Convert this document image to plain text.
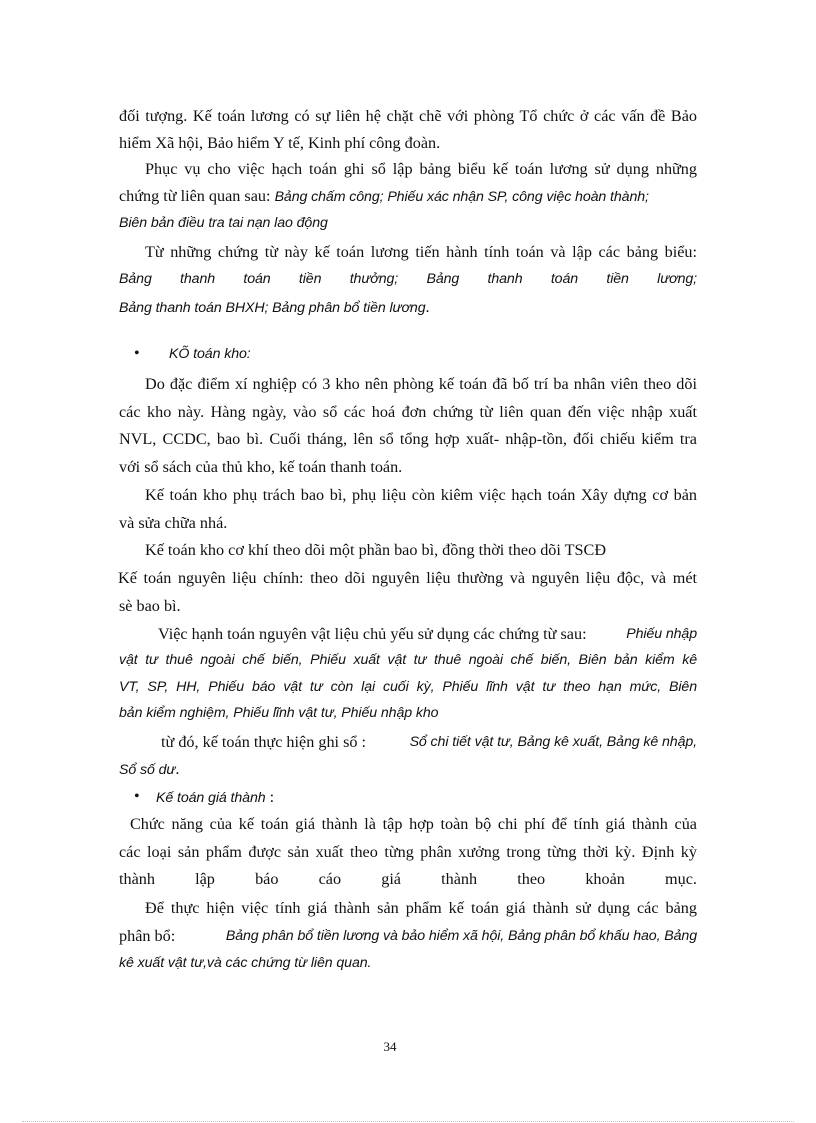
đối tượng. Kế toán lương có sự liên hệ chặt chẽ với phòng Tổ chức ở các vấn đề Bảo
hiểm Xã hội, Bảo hiểm Y tế, Kinh phí công đoàn.
Phục vụ cho việc hạch toán ghi sổ lập bảng biểu kế toán lương sử dụng những
chứng từ liên quan sau: Bảng chấm công; Phiếu xác nhận SP, công việc hoàn thành;
Biên bản điều tra tai nạn lao động
Từ những chứng từ này kế toán lương tiến hành tính toán và lập các bảng biểu:
Bảng thanh toán tiền thưởng; Bảng thanh toán tiền lương;
Bảng thanh toán BHXH; Bảng phân bổ tiền lương.
• KÕ toán kho:
Do đặc điểm xí nghiệp có 3 kho nên phòng kế toán đã bố trí ba nhân viên theo dõi
các kho này. Hàng ngày, vào sổ các hoá đơn chứng từ liên quan đến việc nhập xuất
NVL, CCDC, bao bì. Cuối tháng, lên sổ tổng hợp xuất- nhập-tồn, đối chiếu kiểm tra
với sổ sách của thủ kho, kế toán thanh toán.
Kế toán kho phụ trách bao bì, phụ liệu còn kiêm việc hạch toán Xây dựng cơ bản
và sửa chữa nhá.
Kế toán kho cơ khí theo dõi một phần bao bì, đồng thời theo dõi TSCĐ
Kế toán nguyên liệu chính: theo dõi nguyên liệu thường và nguyên liệu độc, và mét
sè bao bì.
Việc hạnh toán nguyên vật liệu chủ yếu sử dụng các chứng từ sau:	Phiếu nhập
vật tư thuê ngoài chế biến, Phiếu xuất vật tư thuê ngoài chế biến, Biên bản kiểm kê
VT, SP, HH, Phiếu báo vật tư còn lại cuối kỳ, Phiếu lĩnh vật tư theo hạn mức, Biên
bản kiểm nghiệm, Phiếu lĩnh vật tư, Phiếu nhập kho
từ đó, kế toán thực hiện ghi sổ :	Sổ chi tiết vật tư, Bảng kê xuất, Bảng kê nhập,
Sổ số dư.
• Kế toán giá thành :
Chức năng của kế toán giá thành là tập hợp toàn bộ chi phí để tính giá thành của
các loại sản phẩm được sản xuất theo từng phân xưởng trong từng thời kỳ. Định kỳ
thành lập báo cáo giá thành theo khoản mục.
Để thực hiện việc tính giá thành sản phẩm kế toán giá thành sử dụng các bảng
phân bổ:	Bảng phân bổ tiền lương và bảo hiểm xã hội, Bảng phân bổ khấu hao, Bảng
kê xuất vật tư,và các chứng từ liên quan.
34
